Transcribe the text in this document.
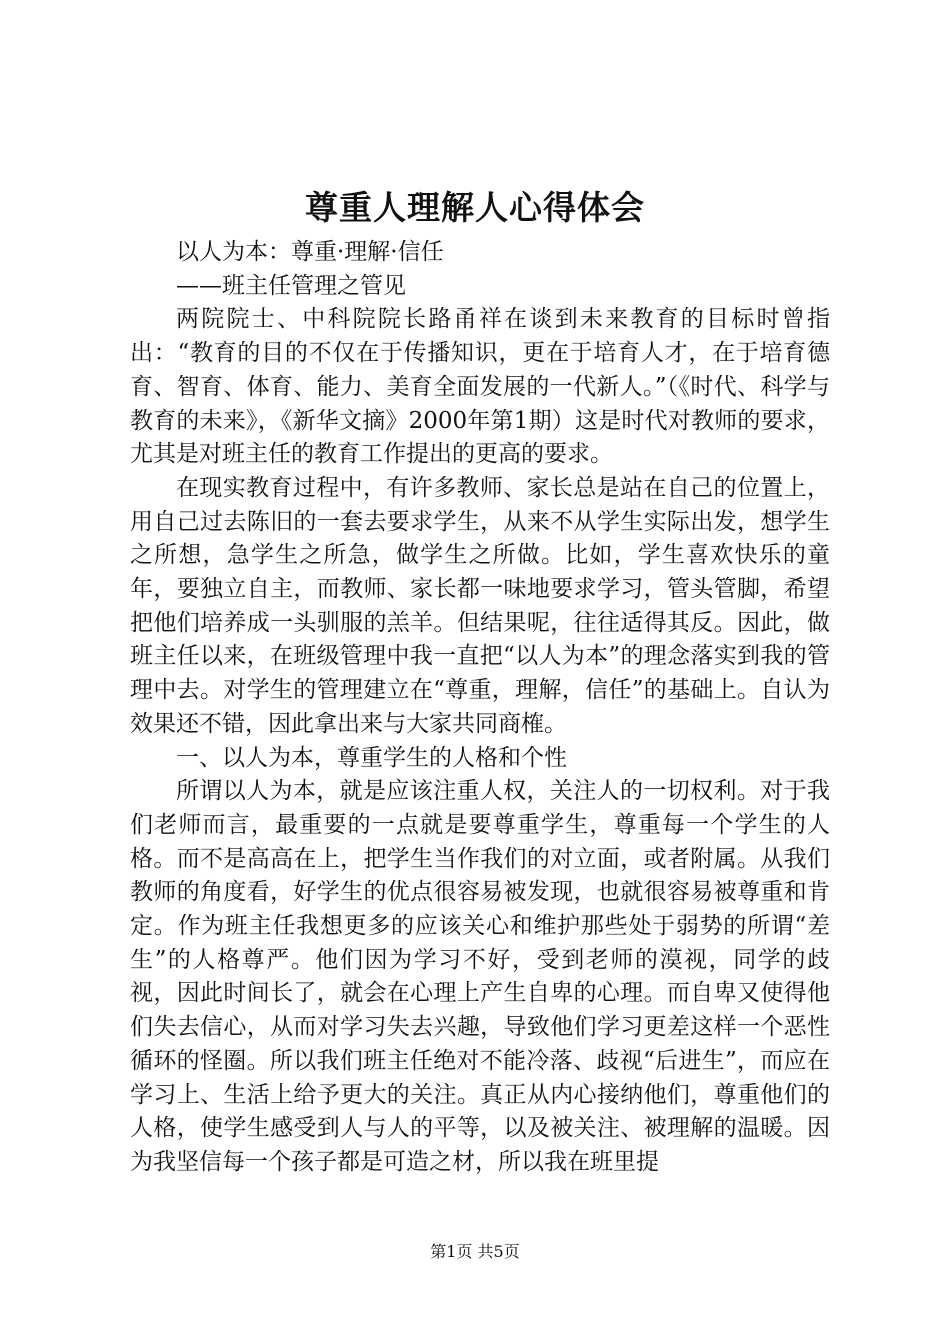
尊重人理解人心得体会

以人为本：尊重·理解·信任

——班主任管理之管见

两院院士、中科院院长路甬祥在谈到未来教育的目标时曾指出：“教育的目的不仅在于传播知识，更在于培育人才，在于培育德育、智育、体育、能力、美育全面发展的一代新人。”（《时代、科学与教育的未来》，《新华文摘》2000年第1期）这是时代对教师的要求，尤其是对班主任的教育工作提出的更高的要求。

在现实教育过程中，有许多教师、家长总是站在自己的位置上，用自己过去陈旧的一套去要求学生，从来不从学生实际出发，想学生之所想，急学生之所急，做学生之所做。比如，学生喜欢快乐的童年，要独立自主，而教师、家长都一味地要求学习，管头管脚，希望把他们培养成一头驯服的羔羊。但结果呢，往往适得其反。因此，做班主任以来，在班级管理中我一直把“以人为本”的理念落实到我的管理中去。对学生的管理建立在“尊重，理解，信任”的基础上。自认为效果还不错，因此拿出来与大家共同商榷。

一、以人为本，尊重学生的人格和个性

所谓以人为本，就是应该注重人权，关注人的一切权利。对于我们老师而言，最重要的一点就是要尊重学生，尊重每一个学生的人格。而不是高高在上，把学生当作我们的对立面，或者附属。从我们教师的角度看，好学生的优点很容易被发现，也就很容易被尊重和肯定。作为班主任我想更多的应该关心和维护那些处于弱势的所谓“差生”的人格尊严。他们因为学习不好，受到老师的漠视，同学的歧视，因此时间长了，就会在心理上产生自卑的心理。而自卑又使得他们失去信心，从而对学习失去兴趣，导致他们学习更差这样一个恶性循环的怪圈。所以我们班主任绝对不能冷落、歧视“后进生”，而应在学习上、生活上给予更大的关注。真正从内心接纳他们，尊重他们的人格，使学生感受到人与人的平等，以及被关注、被理解的温暖。因为我坚信每一个孩子都是可造之材，所以我在班里提

第1页 共5页
